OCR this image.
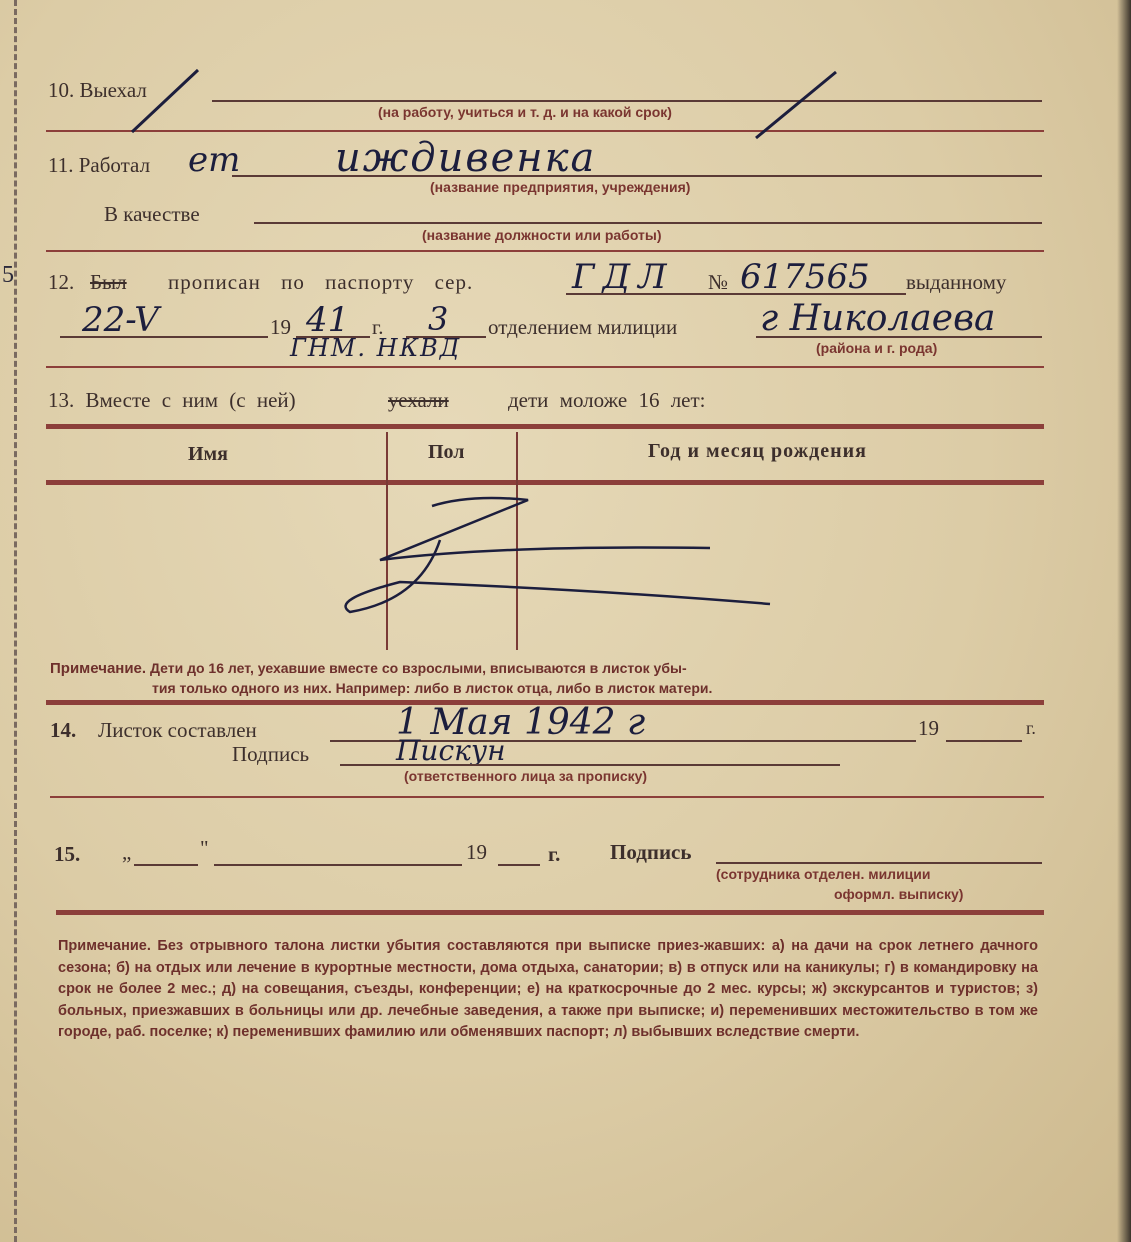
5
10. Выехал
(на работу, учиться и т. д. и на какой срок)
11. Работал ет иждивенка
(название предприятия, учреждения)
В качестве
(название должности или работы)
12. Был прописан по паспорту сер.	ГДЛ № 617565 выданному
22-V	19 41 г. 3 отделением милиции г Николаева
ГНМ. НКВД	(района и г. рода)
13. Вместе с ним (с ней)	уехали	дети моложе 16 лет:
Имя	Пол	Год и месяц рождения
Примечание. Дети до 16 лет, уехавшие вместе со взрослыми, вписываются в листок убы-
тия только одного из них. Например: либо в листок отца, либо в листок матери.
14. Листок составлен	1 Мая 1942 г	19	г.
Подпись	Пискун
(ответственного лица за прописку)
15. „	"	19	г. Подпись
(сотрудника отделен. милиции
оформл. выписку)
Примечание. Без отрывного талона листки убытия составляются при выписке приез-жавших: а) на дачи на срок летнего дачного сезона; б) на отдых или лечение в курортные местности, дома отдыха, санатории; в) в отпуск или на каникулы; г) в командировку на срок не более 2 мес.; д) на совещания, съезды, конференции; е) на краткосрочные до 2 мес. курсы; ж) экскурсантов и туристов; з) больных, приезжавших в больницы или др. лечебные заведения, а также при выписке; и) переменивших местожительство в том же городе, раб. поселке; к) переменивших фамилию или обменявших паспорт; л) выбывших вследствие смерти.
